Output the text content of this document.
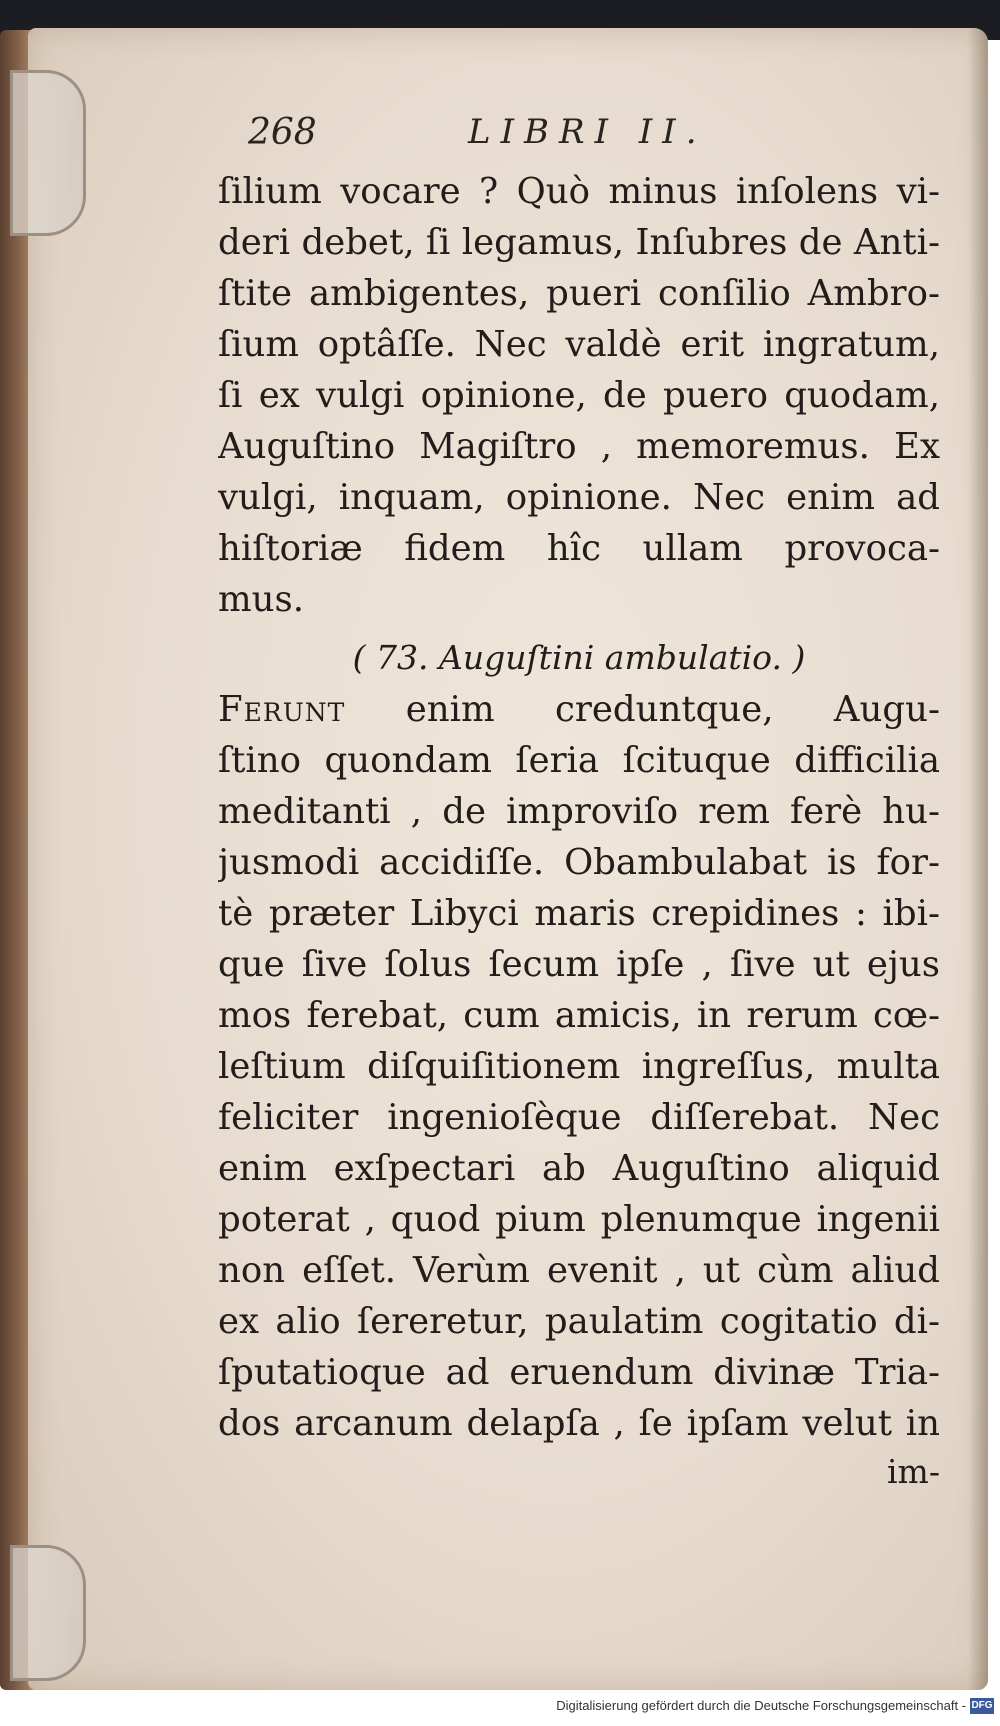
268	LIBRI II.
ſilium vocare ? Quò minus inſolens vi-
deri debet, ſi legamus, Inſubres de Anti-
ſtite ambigentes, pueri conſilio Ambro-
ſium optâſſe. Nec valdè erit ingratum,
ſi ex vulgi opinione, de puero quodam,
Auguſtino Magiſtro , memoremus. Ex
vulgi, inquam, opinione. Nec enim ad
hiſtoriæ fidem hîc ullam provoca-
mus.
( 73. Auguſtini ambulatio. )
Ferunt enim creduntque, Augu-
ſtino quondam ſeria ſcituque difficilia
meditanti , de improviſo rem ferè hu-
jusmodi accidiſſe. Obambulabat is for-
tè præter Libyci maris crepidines : ibi-
que ſive ſolus ſecum ipſe , ſive ut ejus
mos ferebat, cum amicis, in rerum cœ-
leſtium diſquiſitionem ingreſſus, multa
feliciter ingenioſèque diſſerebat. Nec
enim exſpectari ab Auguſtino aliquid
poterat , quod pium plenumque ingenii
non eſſet. Verùm evenit , ut cùm aliud
ex alio ſereretur, paulatim cogitatio di-
ſputatioque ad eruendum divinæ Tria-
dos arcanum delapſa , ſe ipſam velut in
im-
Digitalisierung gefördert durch die Deutsche Forschungsgemeinschaft - DFG
